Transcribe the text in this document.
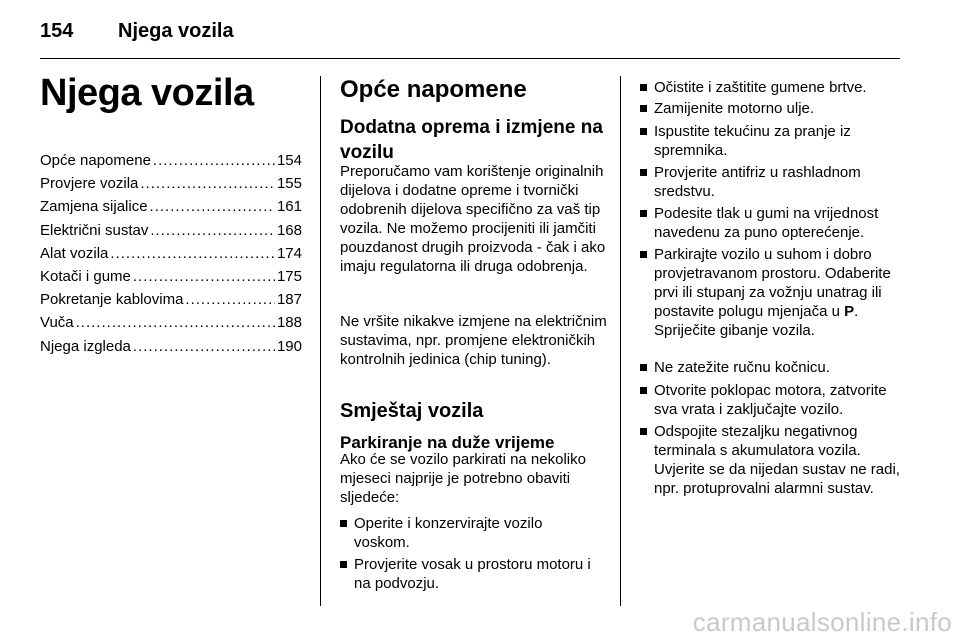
154 Njega vozila
Njega vozila
Opće napomene .....	154
Provjere vozila .....	155
Zamjena sijalice .....	161
Električni sustav .....	168
Alat vozila .....	174
Kotači i gume .....	175
Pokretanje kablovima .....	187
Vuča .....	188
Njega izgleda .....	190
Opće napomene
Dodatna oprema i izmjene na vozilu
Preporučamo vam korištenje originalnih dijelova i dodatne opreme i tvornički odobrenih dijelova specifično za vaš tip vozila. Ne možemo procijeniti ili jamčiti pouzdanost drugih proizvoda - čak i ako imaju regulatorna ili druga odobrenja.
Ne vršite nikakve izmjene na električnim sustavima, npr. promjene elektroničkih kontrolnih jedinica (chip tuning).
Smještaj vozila
Parkiranje na duže vrijeme
Ako će se vozilo parkirati na nekoliko mjeseci najprije je potrebno obaviti sljedeće:
Operite i konzervirajte vozilo voskom.
Provjerite vosak u prostoru motoru i na podvozju.
Očistite i zaštitite gumene brtve.
Zamijenite motorno ulje.
Ispustite tekućinu za pranje iz spremnika.
Provjerite antifriz u rashladnom sredstvu.
Podesite tlak u gumi na vrijednost navedenu za puno opterećenje.
Parkirajte vozilo u suhom i dobro provjetravanom prostoru. Odaberite prvi ili stupanj za vožnju unatrag ili postavite polugu mjenjača u P. Spriječite gibanje vozila.
Ne zatežite ručnu kočnicu.
Otvorite poklopac motora, zatvorite sva vrata i zaključajte vozilo.
Odspojite stezaljku negativnog terminala s akumulatora vozila. Uvjerite se da nijedan sustav ne radi, npr. protuprovalni alarmni sustav.
carmanualsonline.info
